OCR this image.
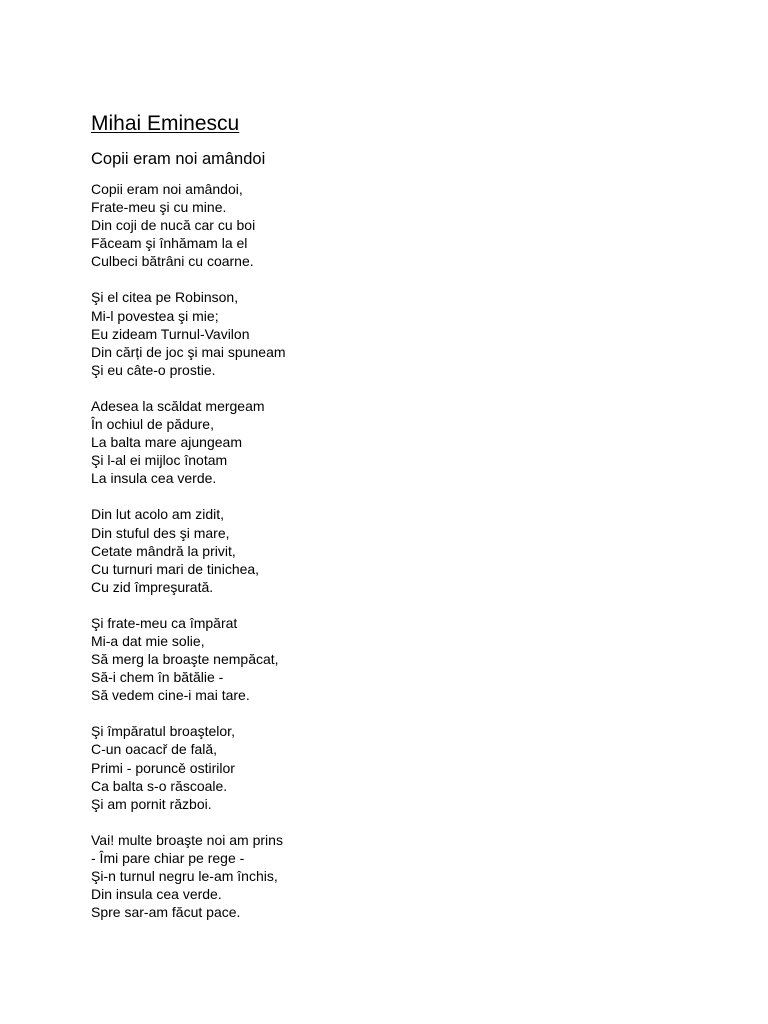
Mihai Eminescu
Copii eram noi amândoi
Copii eram noi amândoi,
Frate-meu şi cu mine.
Din coji de nucă car cu boi
Făceam şi înhămam la el
Culbeci bătrâni cu coarne.
Şi el citea pe Robinson,
Mi-l povestea şi mie;
Eu zideam Turnul-Vavilon
Din cărți de joc şi mai spuneam
Şi eu câte-o prostie.
Adesea la scăldat mergeam
În ochiul de pădure,
La balta mare ajungeam
Şi l-al ei mijloc înotam
La insula cea verde.
Din lut acolo am zidit,
Din stuful des şi mare,
Cetate mândră la privit,
Cu turnuri mari de tinichea,
Cu zid împreşurată.
Şi frate-meu ca împărat
Mi-a dat mie solie,
Să merg la broaşte nempăcat,
Să-i chem în bătălie -
Să vedem cine-i mai tare.
Şi împăratul broaştelor,
C-un oacacř de falǎ,
Primi - poruncě ostirilor
Ca balta s-o răscoale.
Şi am pornit război.
Vai! multe broaşte noi am prins
- Îmi pare chiar pe rege -
Şi-n turnul negru le-am închis,
Din insula cea verde.
Spre sar-am făcut pace.
